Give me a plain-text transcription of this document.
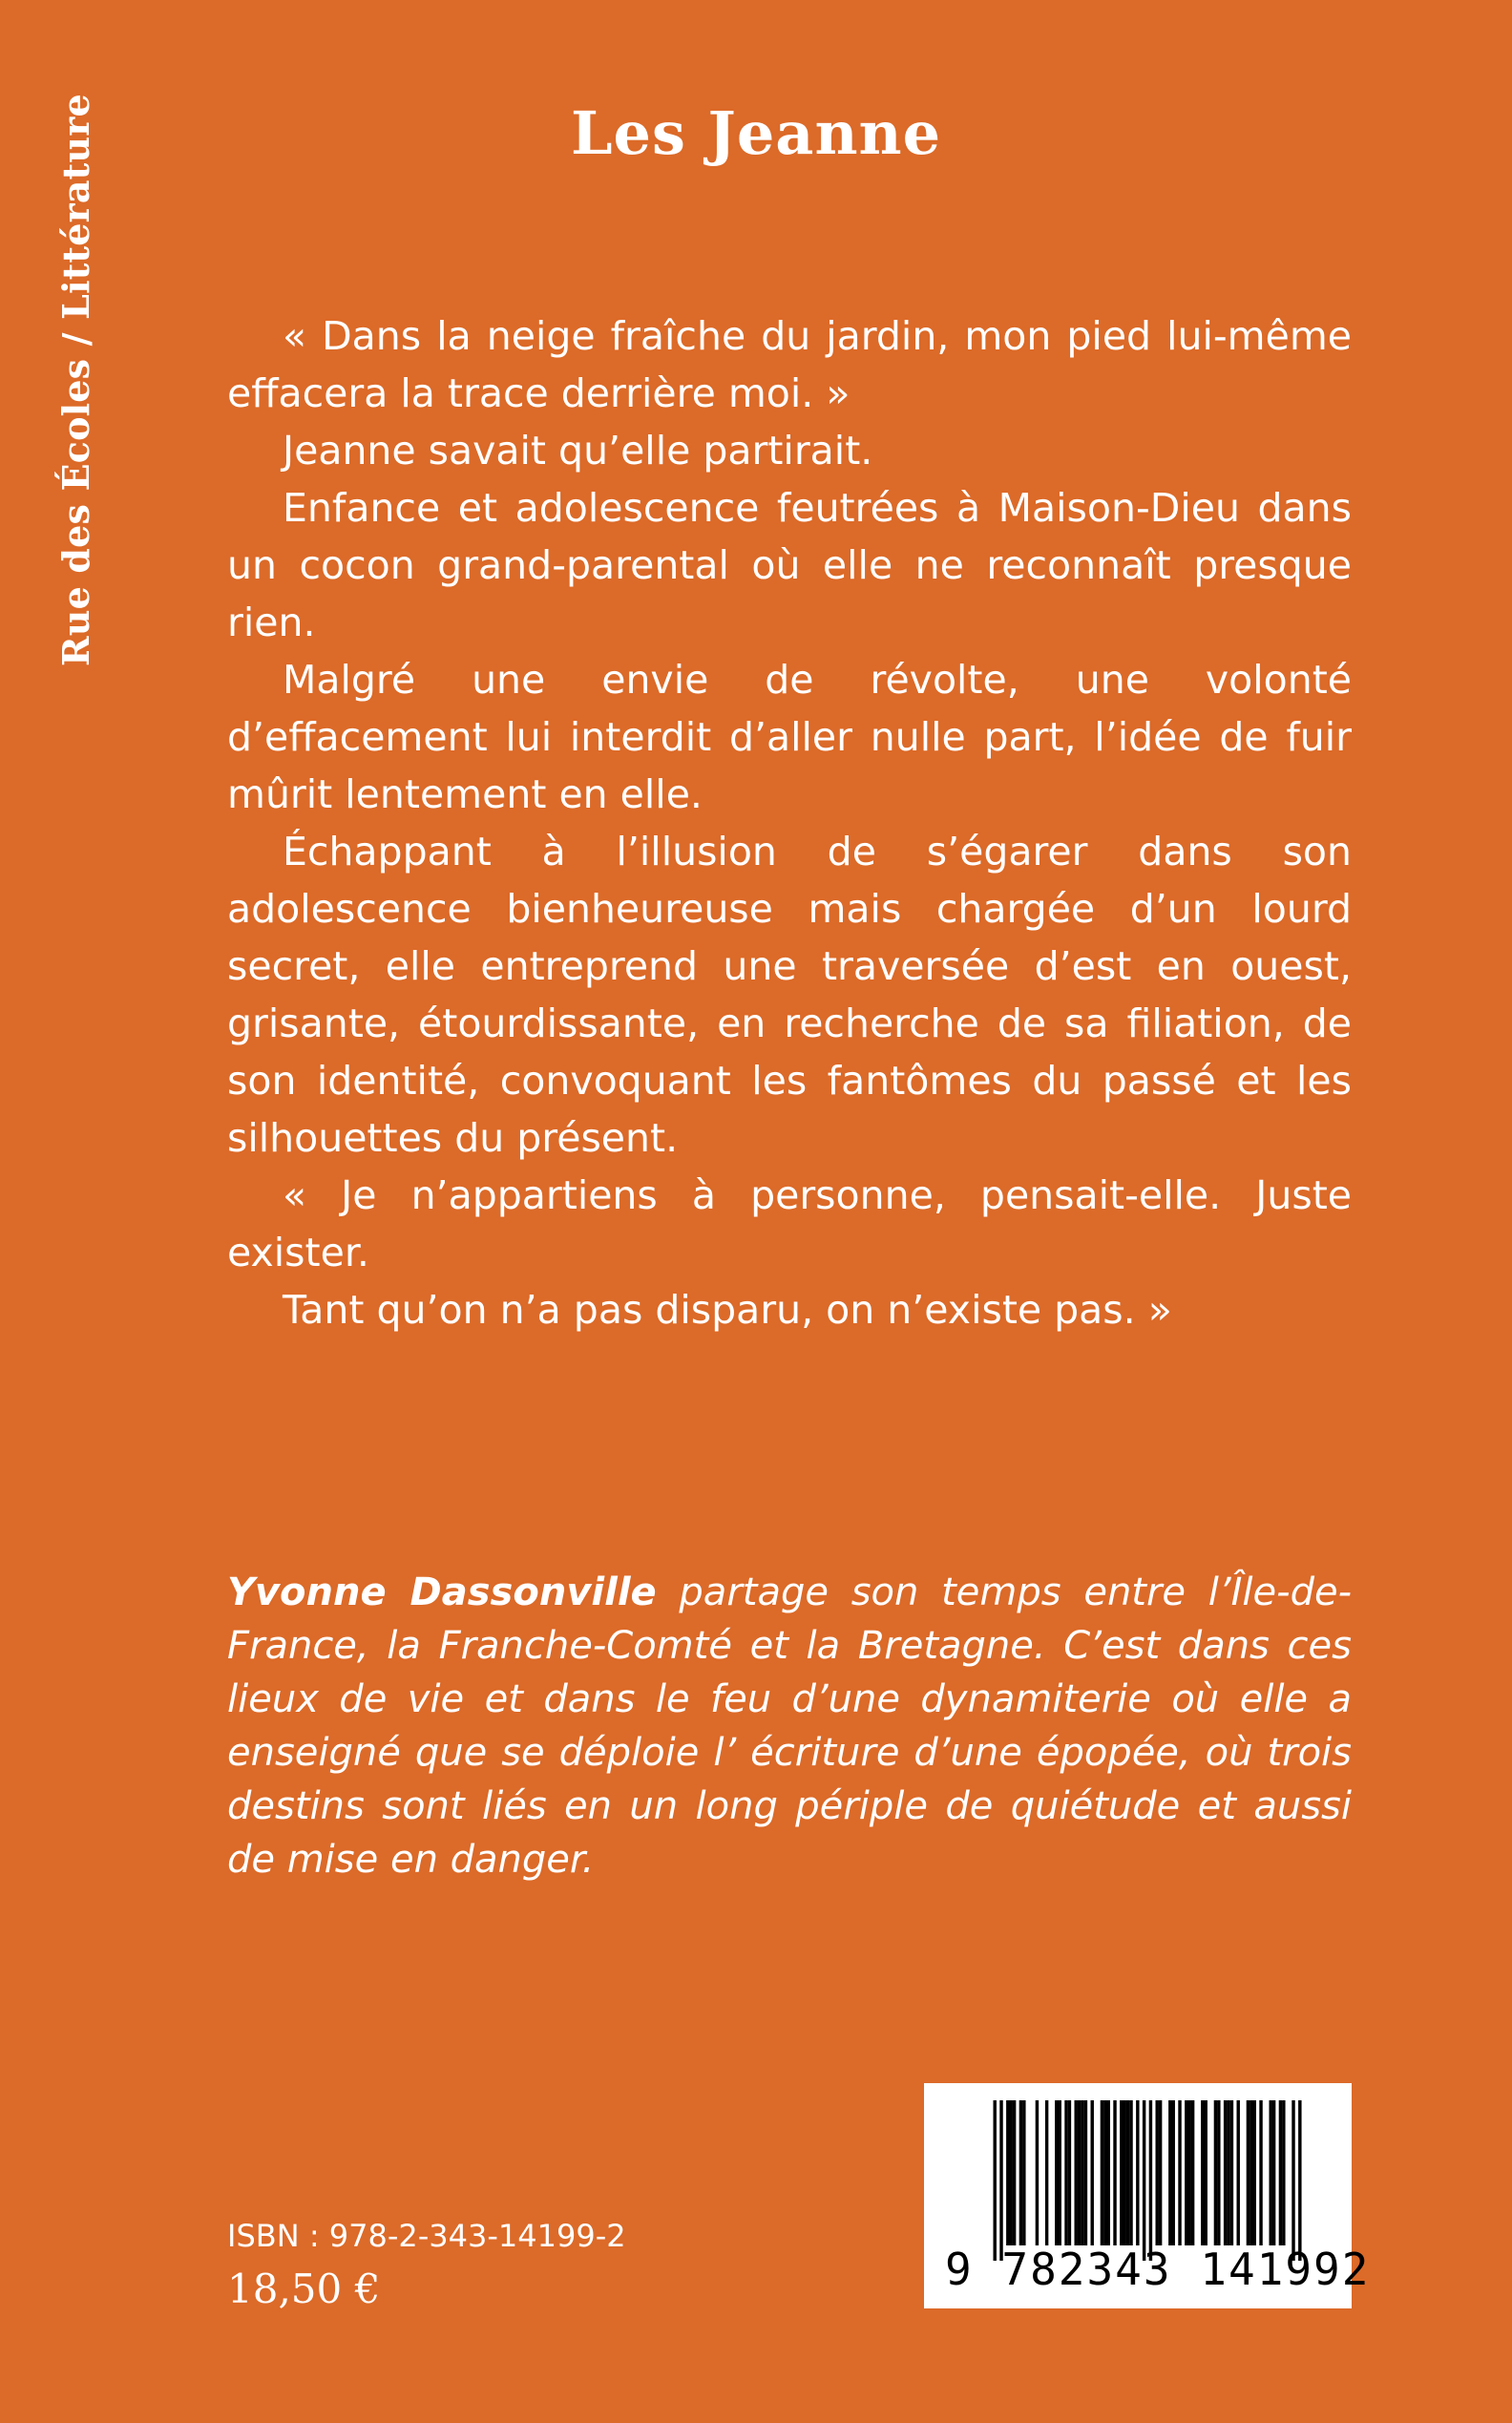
Rue des Écoles / Littérature	Les Jeanne

« Dans la neige fraîche du jardin, mon pied lui-même effacera la trace derrière moi. »

Jeanne savait qu’elle partirait.

Enfance et adolescence feutrées à Maison-Dieu dans un cocon grand-parental où elle ne reconnaît presque rien.

Malgré une envie de révolte, une volonté d’effacement lui interdit d’aller nulle part, l’idée de fuir mûrit lentement en elle.

Échappant à l’illusion de s’égarer dans son adolescence bienheureuse mais chargée d’un lourd secret, elle entreprend une traversée d’est en ouest, grisante, étourdissante, en recherche de sa filiation, de son identité, convoquant les fantômes du passé et les silhouettes du présent.

« Je n’appartiens à personne, pensait-elle. Juste exister.

Tant qu’on n’a pas disparu, on n’existe pas. »

Yvonne Dassonville partage son temps entre l’Île-de-France, la Franche-Comté et la Bretagne. C’est dans ces lieux de vie et dans le feu d’une dynamiterie où elle a enseigné que se déploie l’ écriture d’une épopée, où trois destins sont liés en un long périple de quiétude et aussi de mise en danger.

ISBN : 978-2-343-14199-2
18,50 €	9 782343 141992
